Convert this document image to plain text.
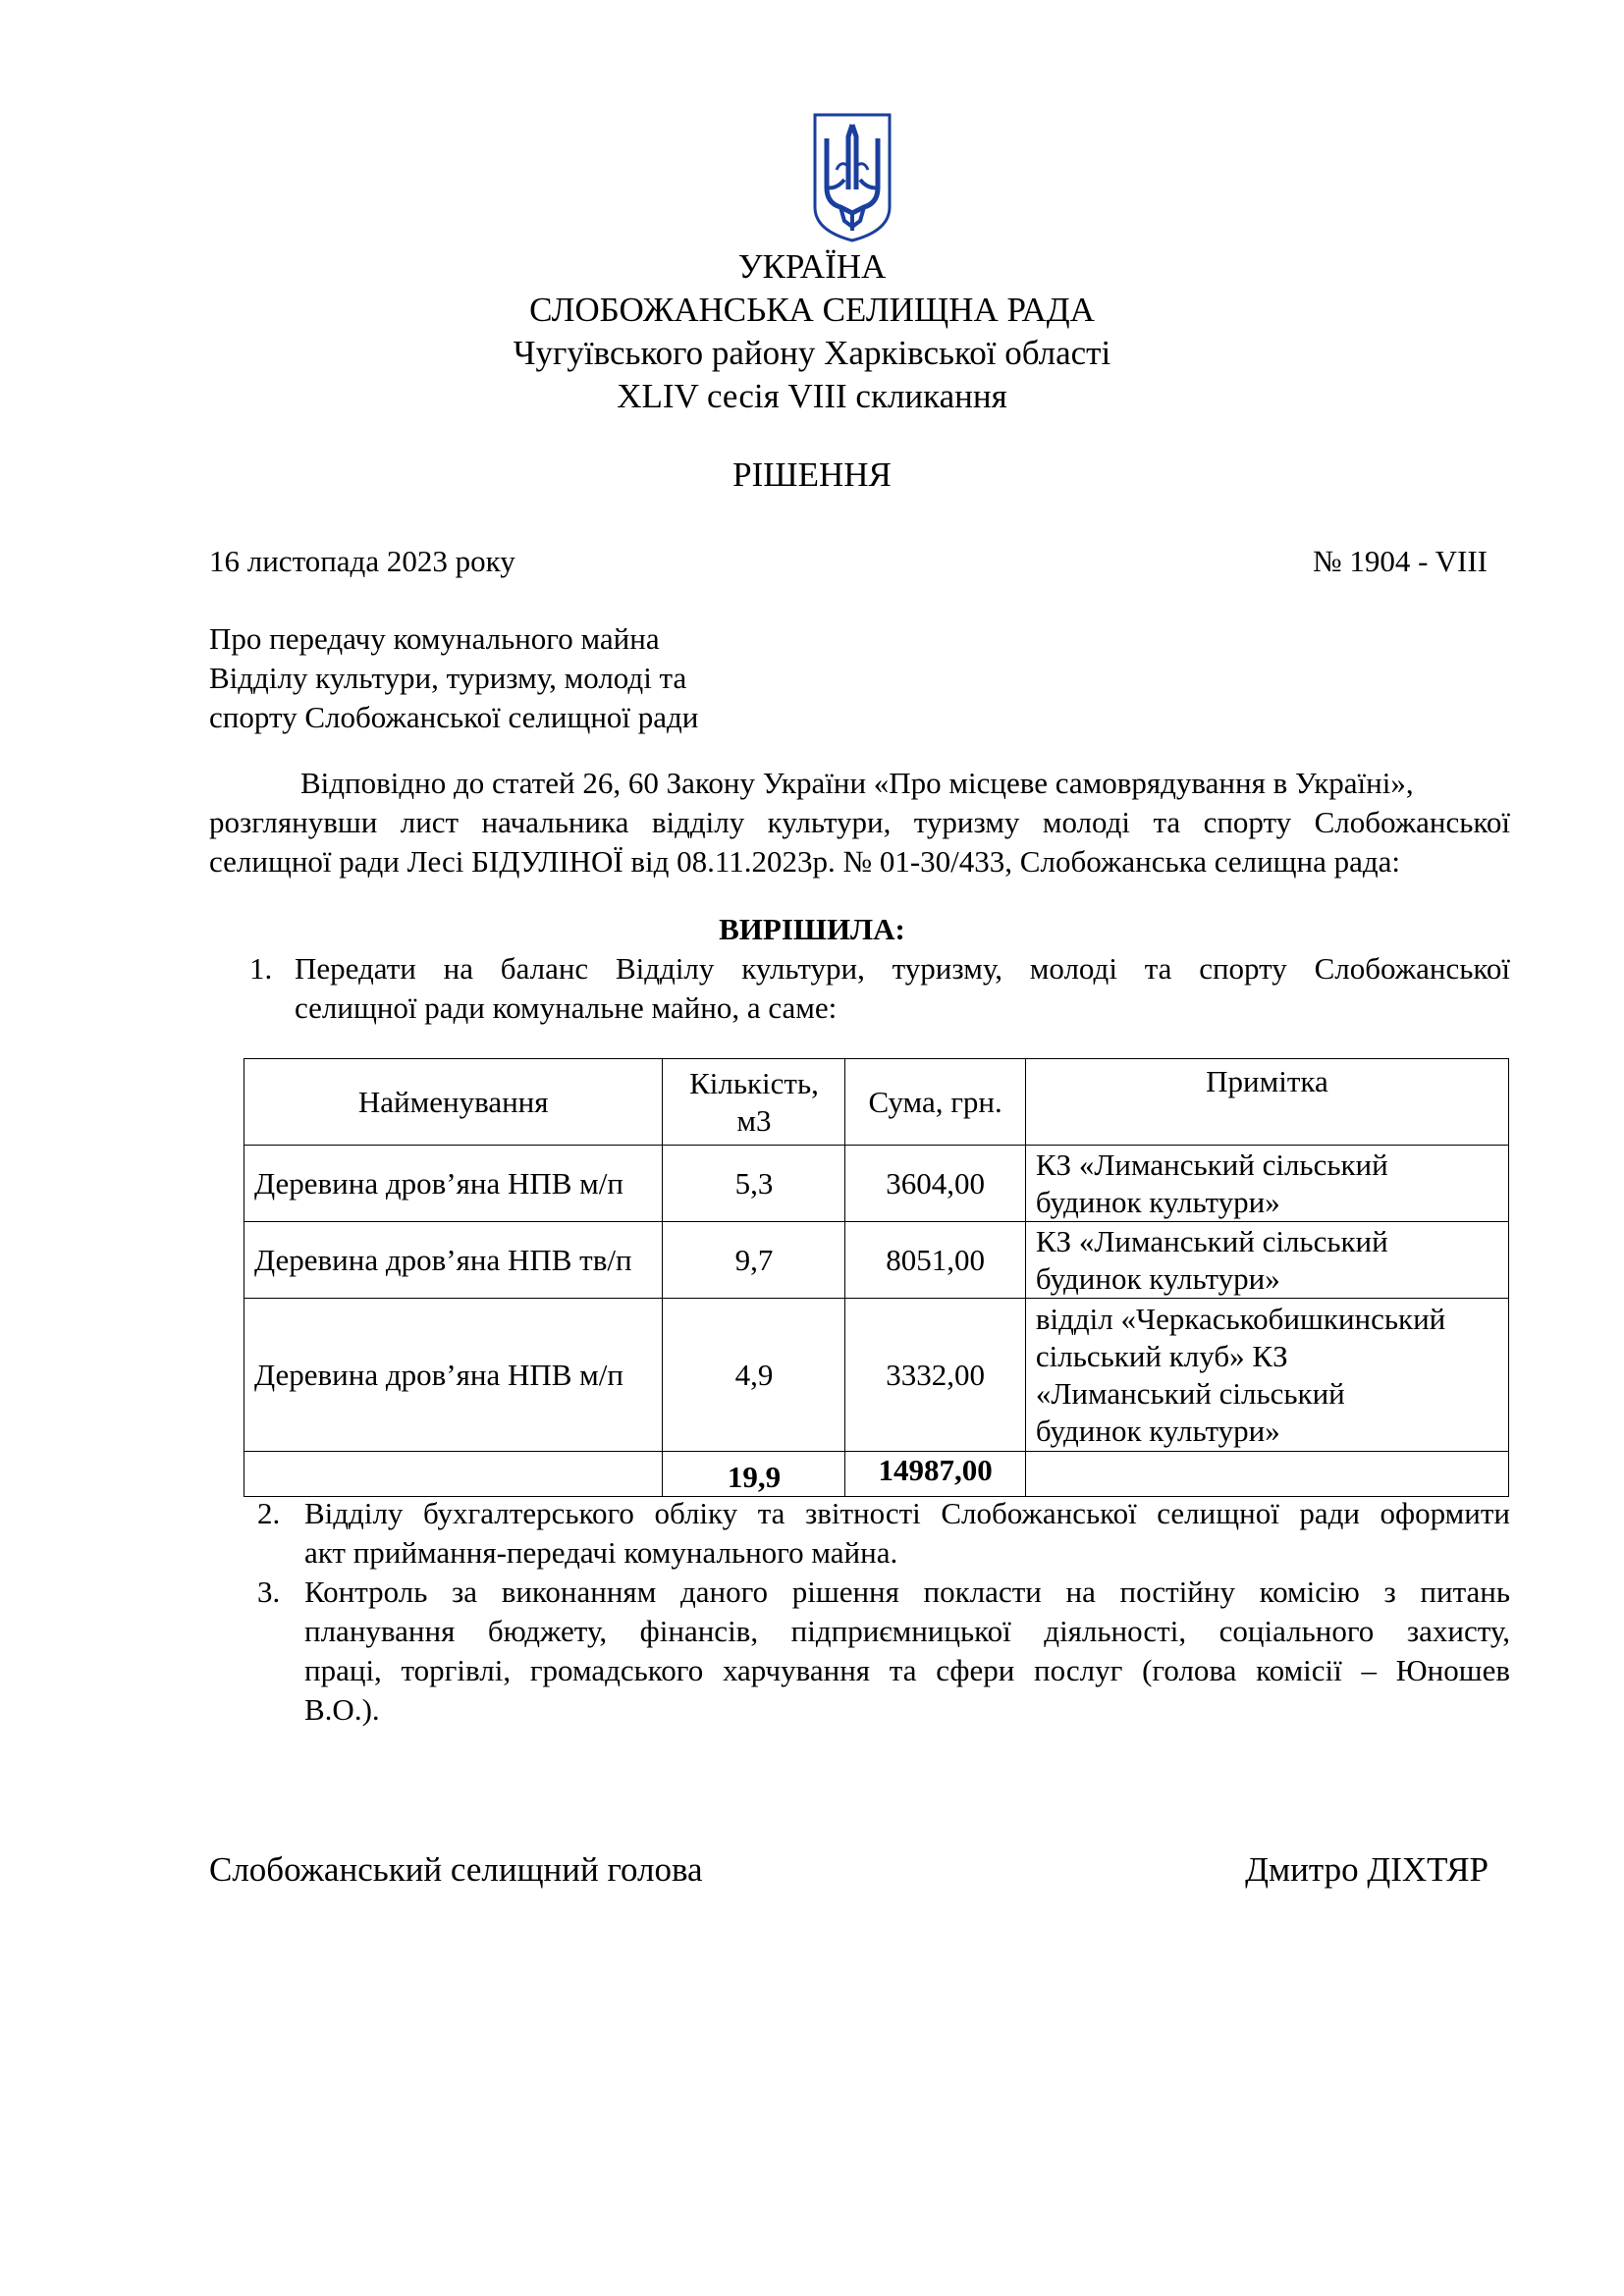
УКРАЇНА
СЛОБОЖАНСЬКА СЕЛИЩНА РАДА
Чугуївського району Харківської області
XLIV сесія VIII скликання
РІШЕННЯ
16 листопада 2023 року	№ 1904 - VIII
Про передачу комунального майна
Відділу культури, туризму, молоді та
спорту Слобожанської селищної ради
Відповідно до статей 26, 60 Закону України «Про місцеве самоврядування в Україні»,
розглянувши лист начальника відділу культури, туризму молоді та спорту Слобожанської
селищної ради Лесі БІДУЛІНОЇ від 08.11.2023р. № 01-30/433, Слобожанська селищна рада:
ВИРІШИЛА:
1. Передати на баланс Відділу культури, туризму, молоді та спорту Слобожанської
селищної ради комунальне майно, а саме:
Найменування	Кількість,
м3	Сума, грн.	Примітка
Деревина дров’яна НПВ м/п	5,3	3604,00	КЗ «Лиманський сільський
будинок культури»

Деревина дров’яна НПВ тв/п	9,7	8051,00	КЗ «Лиманський сільський
будинок культури»

Деревина дров’яна НПВ м/п	4,9	3332,00	відділ «Черкаськобишкинський
сільський клуб» КЗ
«Лиманський сільський
будинок культури»

	19,9	14987,00	
2. Відділу бухгалтерського обліку та звітності Слобожанської селищної ради оформити
акт приймання-передачі комунального майна.
3. Контроль за виконанням даного рішення покласти на постійну комісію з питань
планування бюджету, фінансів, підприємницької діяльності, соціального захисту,
праці, торгівлі, громадського харчування та сфери послуг (голова комісії – Юношев
В.О.).
Слобожанський селищний голова	Дмитро ДІХТЯР
